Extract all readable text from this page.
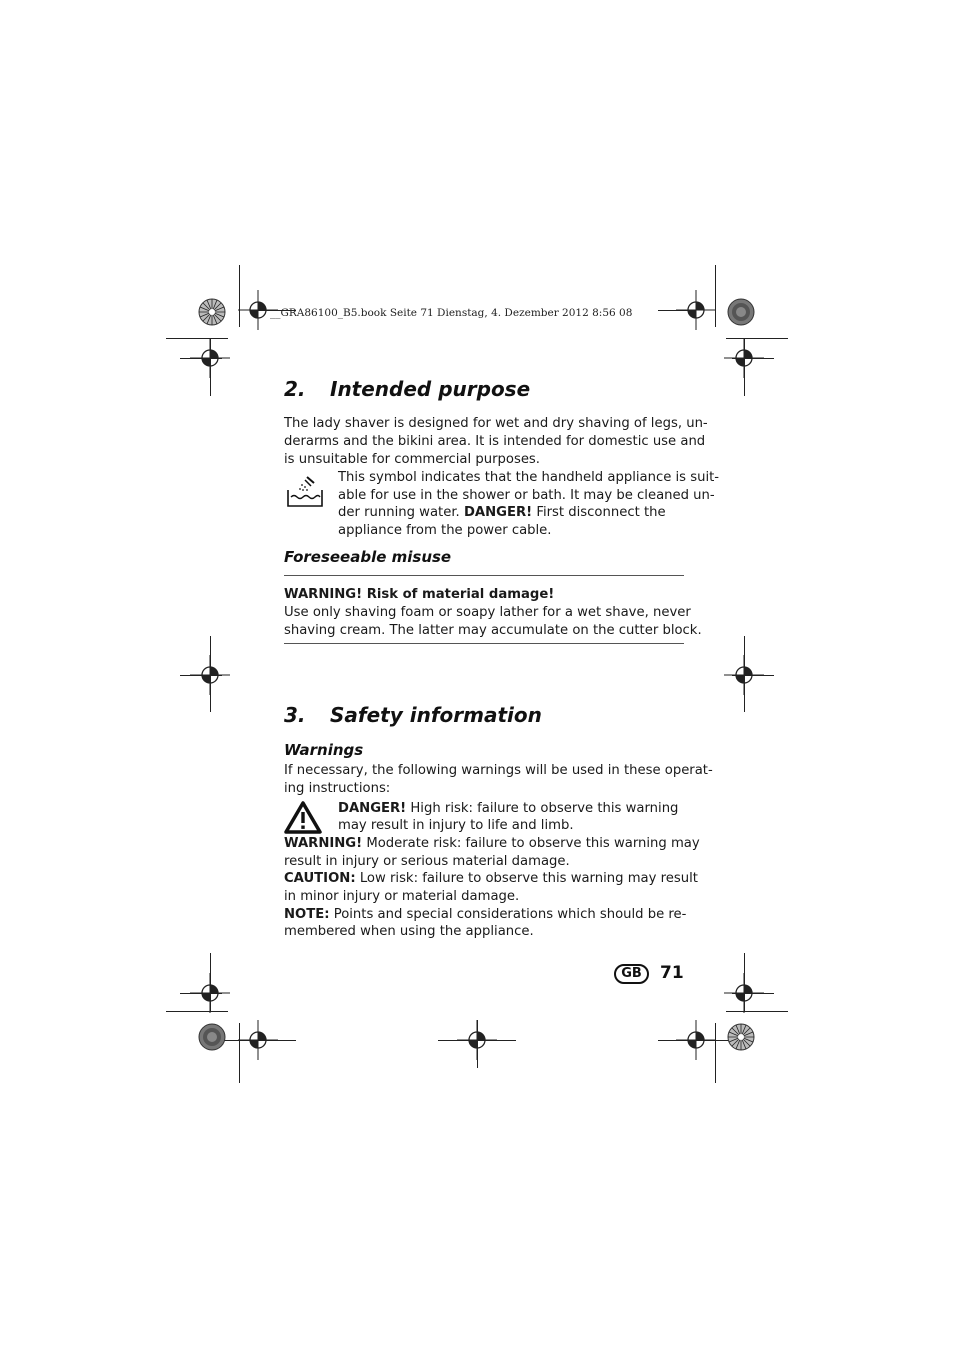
__GRA86100_B5.book Seite 71 Dienstag, 4. Dezember 2012 8:56 08
2. Intended purpose
The lady shaver is designed for wet and dry shaving of legs, un-
derarms and the bikini area. It is intended for domestic use and
is unsuitable for commercial purposes.
This symbol indicates that the handheld appliance is suit-
able for use in the shower or bath. It may be cleaned un-
der running water. DANGER! First disconnect the
appliance from the power cable.
Foreseeable misuse
WARNING! Risk of material damage!
Use only shaving foam or soapy lather for a wet shave, never
shaving cream. The latter may accumulate on the cutter block.
3. Safety information
Warnings
If necessary, the following warnings will be used in these operat-
ing instructions:
DANGER! High risk: failure to observe this warning
may result in injury to life and limb.
WARNING! Moderate risk: failure to observe this warning may
result in injury or serious material damage.
CAUTION: Low risk: failure to observe this warning may result
in minor injury or material damage.
NOTE: Points and special considerations which should be re-
membered when using the appliance.
GB	71
